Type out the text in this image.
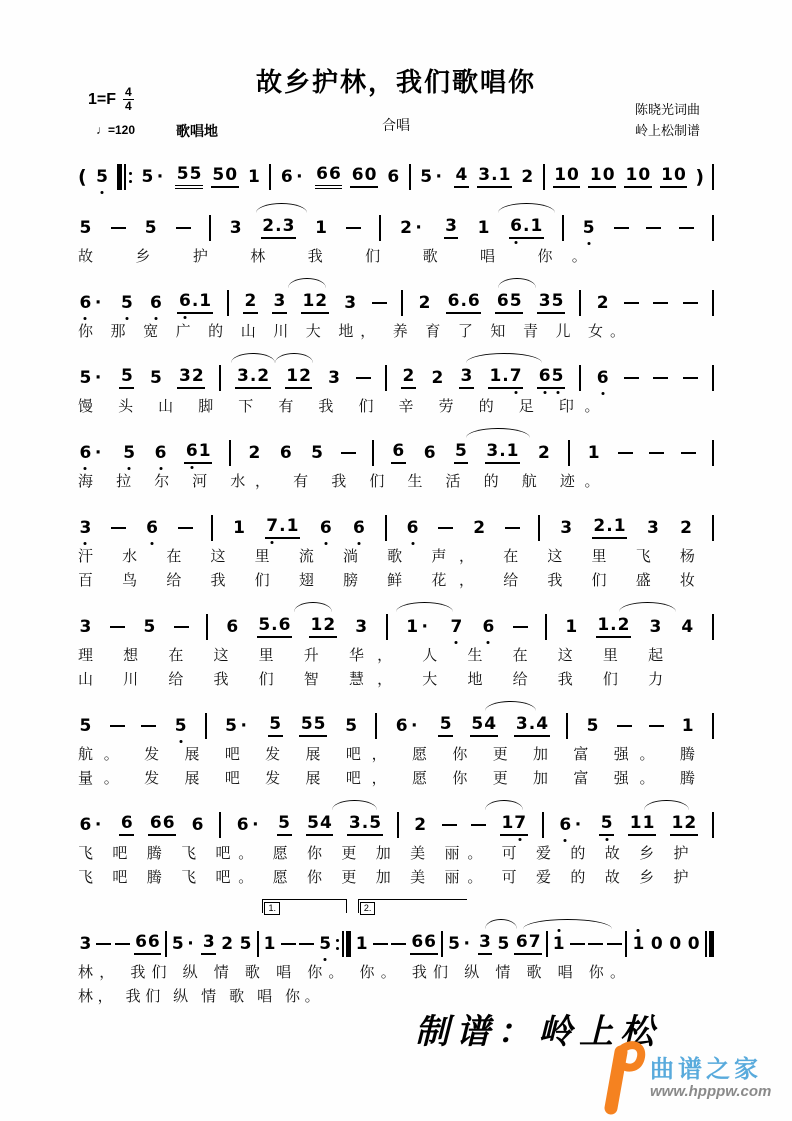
故乡护林，我们歌唱你
$1=F \frac{4}{4}$
♩=120	歌唱地	合唱
陈晓光词曲
岭上松制谱
( 5 5 · 5 5 5 0 1 6 · 6 6 6 0 6 5 · 4 3 . 1 2 1 0 1 0 1 0 1 0 )
5	5	3 2 . 3 1	2 · 3 1 6 . 1 5
故 乡 护 林 我 们 歌 唱 你。
6 · 5 6 6 . 1 2 3 1 2 3	2 6 . 6 6 5 3 5 2
你 那 宽 广 的 山 川 大 地， 养 育 了 知 青 儿 女。
5 · 5 5 3 2 3 . 2 1 2 3	2 2 3 1 . 7 6 5 6
馒 头 山 脚 下 有 我 们 辛 劳 的 足 印。
6 · 5 6 6 1 2 6 5	6 6 5 3 . 1 2 1
海 拉 尔 河 水， 有 我 们 生 活 的 航 迹。
3	6	1 7 . 1 6 6 6	2	3 2 . 1 3 2
汗 水 在 这 里 流 淌 歌 声， 在 这 里 飞 杨
百 鸟 给 我 们 翅 膀 鲜 花， 给 我 们 盛 妆
3	5	6 5 . 6 1 2 3 1 · 7 6	1 1 . 2 3 4
理 想 在 这 里 升 华， 人 生 在 这 里 起
山 川 给 我 们 智 慧， 大 地 给 我 们 力
5	5 5 · 5 5 5 5 6 · 5 5 4 3 . 4 5	1
航。 发 展 吧 发 展 吧， 愿 你 更 加 富 强。 腾
量。 发 展 吧 发 展 吧， 愿 你 更 加 富 强。 腾
6 · 6 6 6 6 6 · 5 5 4 3 . 5 2	1 7 6 · 5 1 1 1 2
飞 吧 腾 飞 吧。 愿 你 更 加 美 丽。 可 爱 的 故 乡 护
飞 吧 腾 飞 吧。 愿 你 更 加 美 丽。 可 爱 的 故 乡 护
1.	2.
3	6 6 5 · 3 2 5 1	5 1	6 6 5 · 3 5 6 7 1	1 0 0 0
林， 我们 纵 情 歌 唱 你。 你。 我们 纵 情 歌 唱 你。
林， 我们 纵 情 歌 唱 你。
制谱：岭上松
曲谱之家
www.hpppw.com
